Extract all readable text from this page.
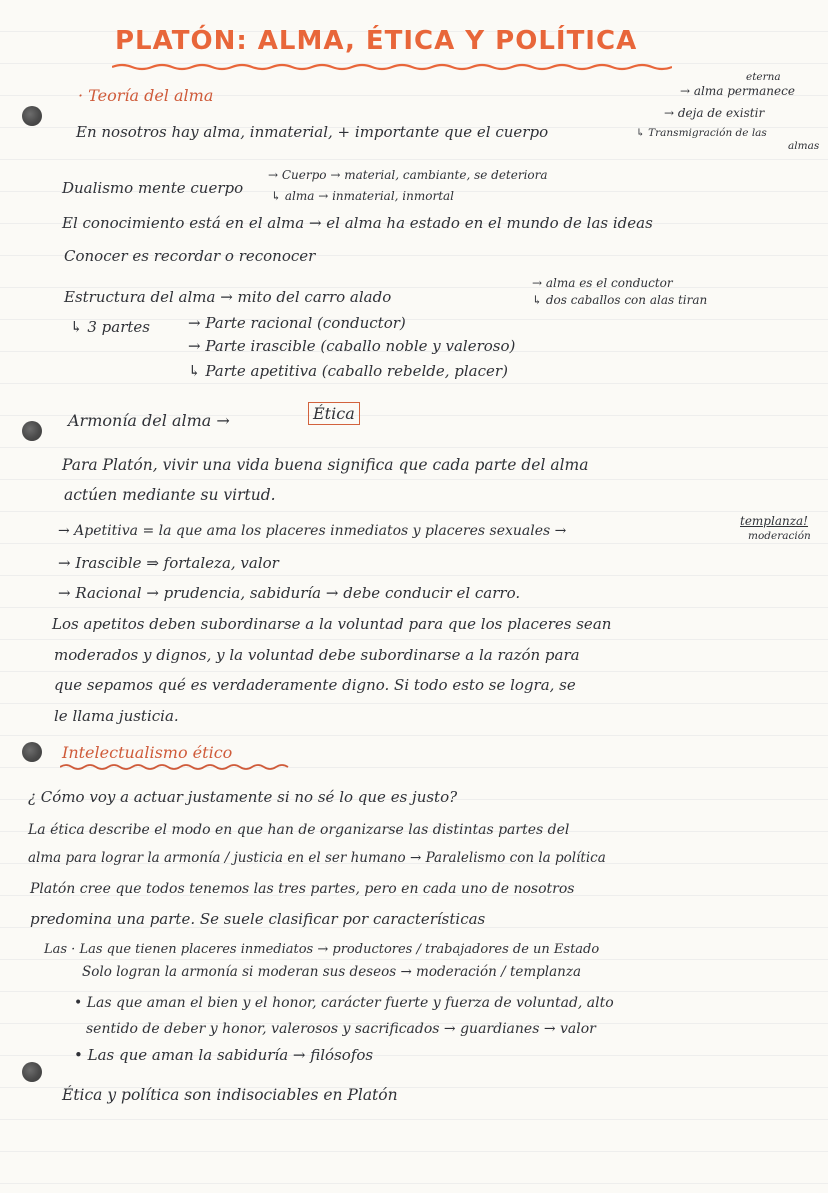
PLATÓN: ALMA, ÉTICA Y POLÍTICA
· Teoría del alma
eterna
→ alma permanece
En nosotros hay alma, inmaterial, + importante que el cuerpo
→ deja de existir
↳ Transmigración de las
almas
Dualismo mente cuerpo
→ Cuerpo → material, cambiante, se deteriora
↳ alma → inmaterial, inmortal
El conocimiento está en el alma → el alma ha estado en el mundo de las ideas
Conocer es recordar o reconocer
Estructura del alma → mito del carro alado
→ alma es el conductor
↳ dos caballos con alas tiran
↳ 3 partes	→ Parte racional (conductor)
→ Parte irascible (caballo noble y valeroso)
↳ Parte apetitiva (caballo rebelde, placer)
Armonía del alma →	Ética
Para Platón, vivir una vida buena significa que cada parte del alma
actúen mediante su virtud.
→ Apetitiva = la que ama los placeres inmediatos y placeres sexuales →
templanza!
moderación
→ Irascible ⇒ fortaleza, valor
→ Racional → prudencia, sabiduría → debe conducir el carro.
Los apetitos deben subordinarse a la voluntad para que los placeres sean
moderados y dignos, y la voluntad debe subordinarse a la razón para
que sepamos qué es verdaderamente digno. Si todo esto se logra, se
le llama justicia.
Intelectualismo ético
¿ Cómo voy a actuar justamente si no sé lo que es justo?
La ética describe el modo en que han de organizarse las distintas partes del
alma para lograr la armonía / justicia en el ser humano → Paralelismo con la política
Platón cree que todos tenemos las tres partes, pero en cada uno de nosotros
predomina una parte. Se suele clasificar por características
Las · Las que tienen placeres inmediatos → productores / trabajadores de un Estado
Solo logran la armonía si moderan sus deseos → moderación / templanza
• Las que aman el bien y el honor, carácter fuerte y fuerza de voluntad, alto
sentido de deber y honor, valerosos y sacrificados → guardianes → valor
• Las que aman la sabiduría → filósofos
Ética y política son indisociables en Platón
